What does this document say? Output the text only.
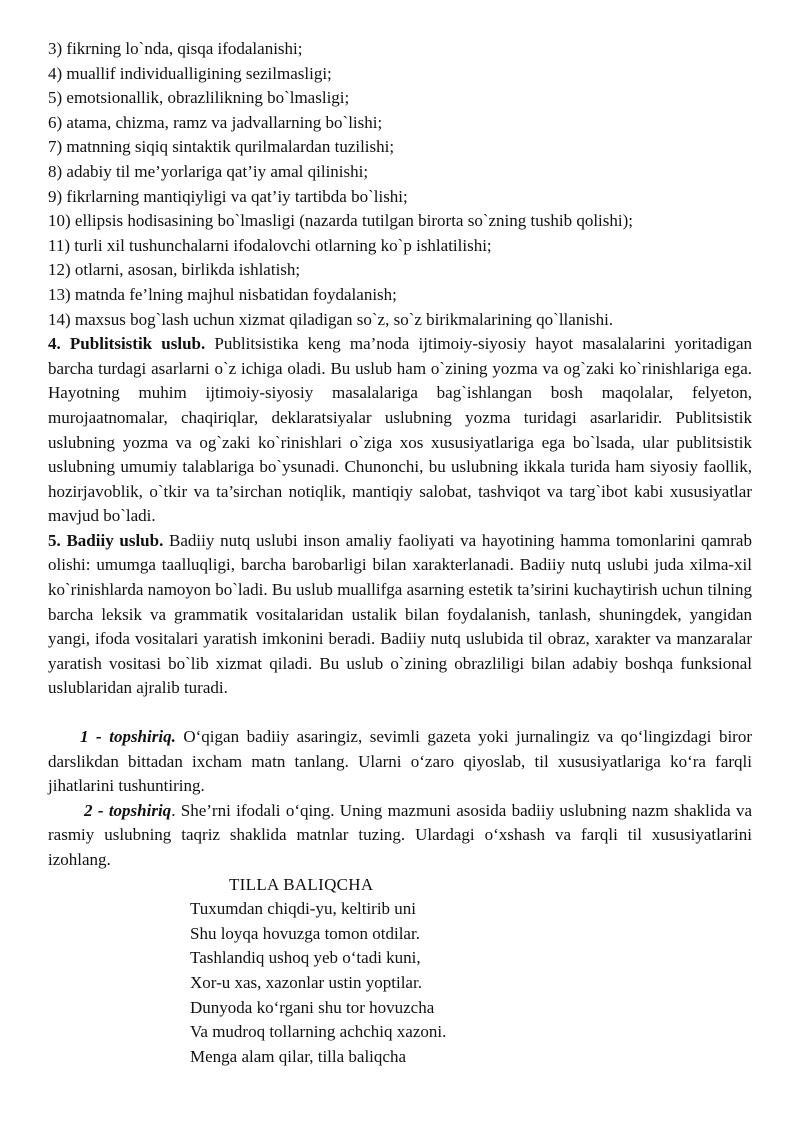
3) fikrning lo`nda, qisqa ifodalanishi;
4) muallif individualligining sezilmasligi;
5) emotsionallik, obrazlilikning bo`lmasligi;
6) atama, chizma, ramz va jadvallarning bo`lishi;
7) matnning siqiq sintaktik qurilmalardan tuzilishi;
8) adabiy til me’yorlariga qat’iy amal qilinishi;
9) fikrlarning mantiqiyligi va qat’iy tartibda bo`lishi;
10) ellipsis hodisasining bo`lmasligi (nazarda tutilgan birorta so`zning tushib qolishi);
11) turli xil tushunchalarni ifodalovchi otlarning ko`p ishlatilishi;
12) otlarni, asosan, birlikda ishlatish;
13) matnda fe’lning majhul nisbatidan foydalanish;
14) maxsus bog`lash uchun xizmat qiladigan so`z, so`z birikmalarining qo`llanishi.

4. Publitsistik uslub. Publitsistika keng ma’noda ijtimoiy-siyosiy hayot masalalarini yoritadigan barcha turdagi asarlarni o`z ichiga oladi. Bu uslub ham o`zining yozma va og`zaki ko`rinishlariga ega. Hayotning muhim ijtimoiy-siyosiy masalalariga bag`ishlangan bosh maqolalar, felyeton, murojaatnomalar, chaqiriqlar, deklaratsiyalar uslubning yozma turidagi asarlaridir. Publitsistik uslubning yozma va og`zaki ko`rinishlari o`ziga xos xususiyatlariga ega bo`lsada, ular publitsistik uslubning umumiy talablariga bo`ysunadi. Chunonchi, bu uslubning ikkala turida ham siyosiy faollik, hozirjavoblik, o`tkir va ta’sirchan notiqlik, mantiqiy salobat, tashviqot va targ`ibot kabi xususiyatlar mavjud bo`ladi.

5. Badiiy uslub. Badiiy nutq uslubi inson amaliy faoliyati va hayotining hamma tomonlarini qamrab olishi: umumga taalluqligi, barcha barobarligi bilan xarakterlanadi. Badiiy nutq uslubi juda xilma-xil ko`rinishlarda namoyon bo`ladi. Bu uslub muallifga asarning estetik ta’sirini kuchaytirish uchun tilning barcha leksik va grammatik vositalaridan ustalik bilan foydalanish, tanlash, shuningdek, yangidan yangi, ifoda vositalari yaratish imkonini beradi. Badiiy nutq uslubida til obraz, xarakter va manzaralar yaratish vositasi bo`lib xizmat qiladi. Bu uslub o`zining obrazliligi bilan adabiy boshqa funksional uslublaridan ajralib turadi.

1 - topshiriq. O‘qigan badiiy asaringiz, sevimli gazeta yoki jurnalingiz va qo‘lingizdagi biror darslikdan bittadan ixcham matn tanlang. Ularni o‘zaro qiyoslab, til xususiyatlariga ko‘ra farqli jihatlarini tushuntiring.

2 - topshiriq. She’rni ifodali o‘qing. Uning mazmuni asosida badiiy uslubning nazm shaklida va rasmiy uslubning taqriz shaklida matnlar tuzing. Ulardagi o‘xshash va farqli til xususiyatlarini izohlang.

TILLA BALIQCHA
Tuxumdan chiqdi-yu, keltirib uni
Shu loyqa hovuzga tomon otdilar.
Tashlandiq ushoq yeb o‘tadi kuni,
Xor-u xas, xazonlar ustin yoptilar.
Dunyoda ko‘rgani shu tor hovuzcha
Va mudroq tollarning achchiq xazoni.
Menga alam qilar, tilla baliqcha
